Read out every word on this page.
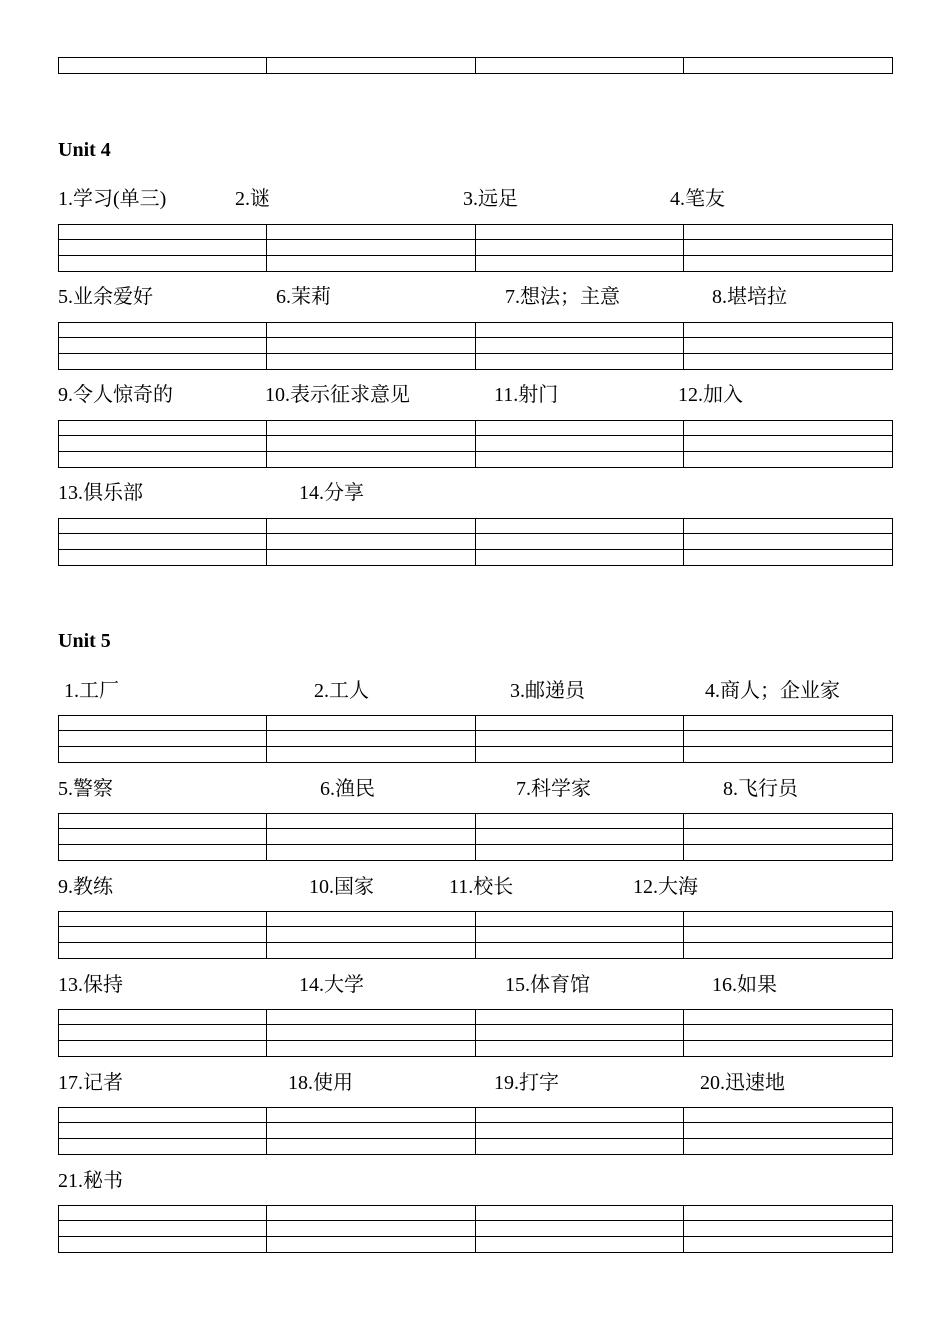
Unit 4
1.学习(单三)	2.谜	3.远足	4.笔友
5.业余爱好	6.茉莉	7.想法；主意	8.堪培拉
9.令人惊奇的	10.表示征求意见	11.射门	12.加入
13.俱乐部	14.分享
Unit 5
1.工厂	2.工人	3.邮递员	4.商人；企业家
5.警察	6.渔民	7.科学家	8.飞行员
9.教练	10.国家	11.校长	12.大海
13.保持	14.大学	15.体育馆	16.如果
17.记者	18.使用	19.打字	20.迅速地
21.秘书
